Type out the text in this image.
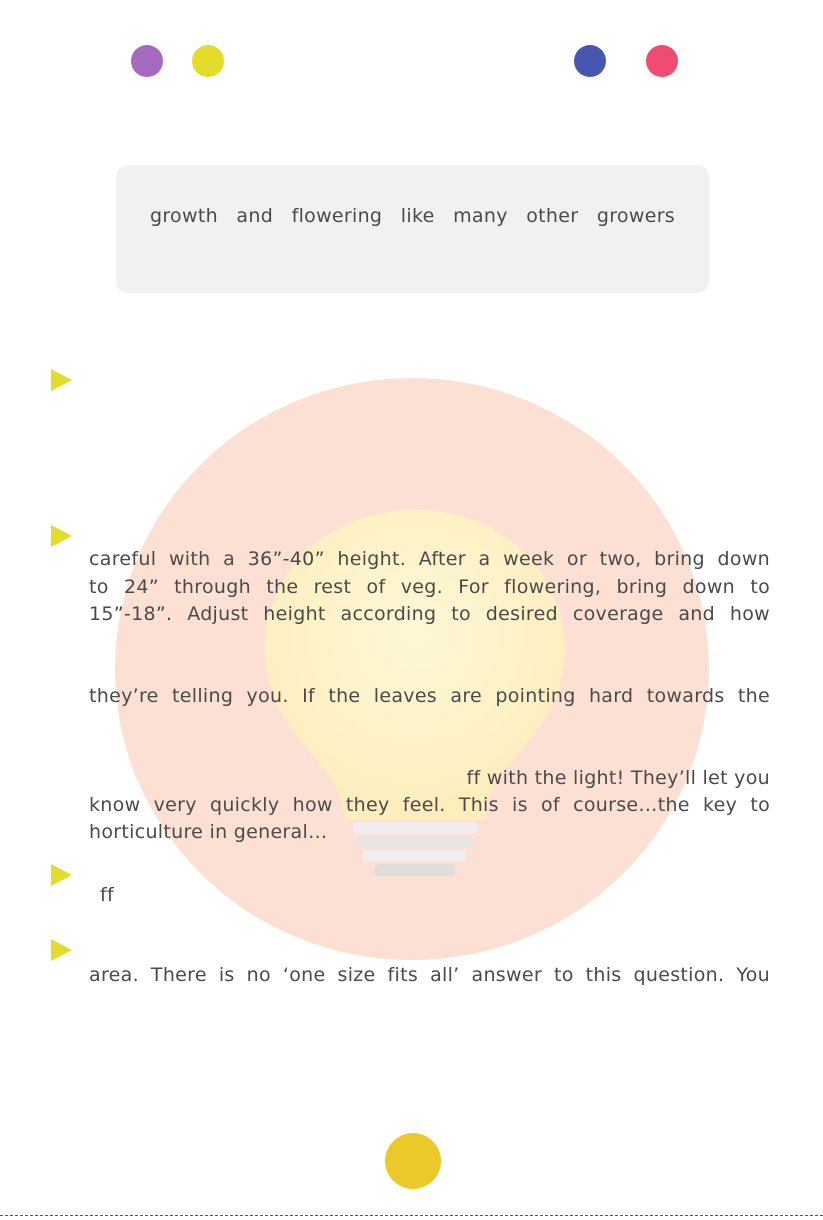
growth and flowering like many other growers

careful with a 36”-40” height. After a week or two, bring down

to 24” through the rest of veg. For flowering, bring down to

15”-18”. Adjust height according to desired coverage and how

they’re telling you. If the leaves are pointing hard towards the

ff with the light! They’ll let you

know very quickly how they feel. This is of course…the key to

horticulture in general…

ff

area. There is no ‘one size fits all’ answer to this question. You
